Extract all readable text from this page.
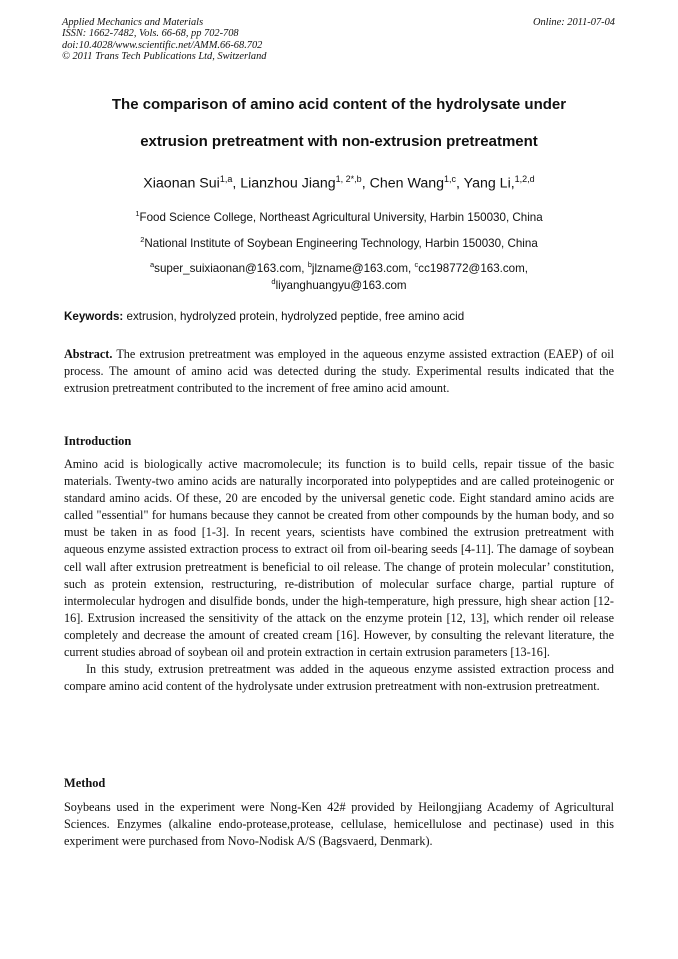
Applied Mechanics and Materials
ISSN: 1662-7482, Vols. 66-68, pp 702-708
doi:10.4028/www.scientific.net/AMM.66-68.702
© 2011 Trans Tech Publications Ltd, Switzerland
Online: 2011-07-04
The comparison of amino acid content of the hydrolysate under
extrusion pretreatment with non-extrusion pretreatment
Xiaonan Sui$^{1,a}$, Lianzhou Jiang$^{1, 2*,b}$, Chen Wang$^{1,c}$, Yang Li,$^{1,2,d}$
$^1$Food Science College, Northeast Agricultural University, Harbin 150030, China
$^2$National Institute of Soybean Engineering Technology, Harbin 150030, China
$^a$super_suixiaonan@163.com, $^b$jlzname@163.com, $^c$cc198772@163.com,
$^d$liyanghuangyu@163.com
Keywords: extrusion, hydrolyzed protein, hydrolyzed peptide, free amino acid

Abstract. The extrusion pretreatment was employed in the aqueous enzyme assisted extraction (EAEP) of oil process. The amount of amino acid was detected during the study. Experimental results indicated that the extrusion pretreatment contributed to the increment of free amino acid amount.

Introduction

Amino acid is biologically active macromolecule; its function is to build cells, repair tissue of the basic materials. Twenty-two amino acids are naturally incorporated into polypeptides and are called proteinogenic or standard amino acids. Of these, 20 are encoded by the universal genetic code. Eight standard amino acids are called "essential" for humans because they cannot be created from other compounds by the human body, and so must be taken in as food [1-3]. In recent years, scientists have combined the extrusion pretreatment with aqueous enzyme assisted extraction process to extract oil from oil-bearing seeds [4-11]. The damage of soybean cell wall after extrusion pretreatment is beneficial to oil release. The change of protein molecular’ constitution, such as protein extension, restructuring, re-distribution of molecular surface charge, partial rupture of intermolecular hydrogen and disulfide bonds, under the high-temperature, high pressure, high shear action [12-16]. Extrusion increased the sensitivity of the attack on the enzyme protein [12, 13], which render oil release completely and decrease the amount of created cream [16]. However, by consulting the relevant literature, the current studies abroad of soybean oil and protein extraction in certain extrusion parameters [13-16].

In this study, extrusion pretreatment was added in the aqueous enzyme assisted extraction process and compare amino acid content of the hydrolysate under extrusion pretreatment with non-extrusion pretreatment.

Method

Soybeans used in the experiment were Nong-Ken 42# provided by Heilongjiang Academy of Agricultural Sciences. Enzymes (alkaline endo-protease,protease, cellulase, hemicellulose and pectinase) used in this experiment were purchased from Novo-Nodisk A/S (Bagsvaerd, Denmark).
